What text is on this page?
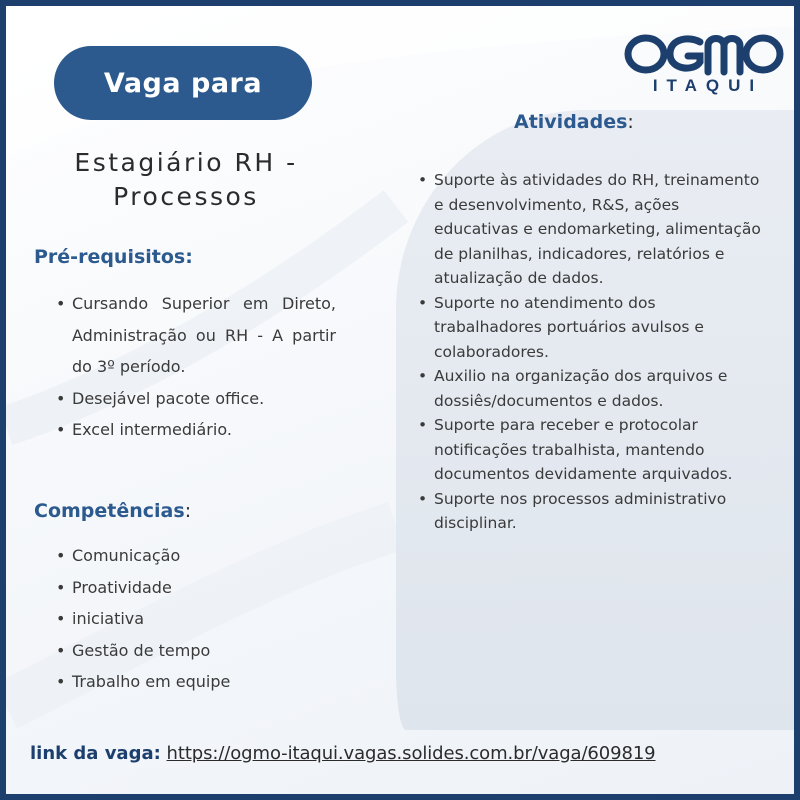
Vaga para	ITAQUI
Estagiário RH -
Processos
Pré-requisitos:
• Cursando Superior em Direto, Administração ou RH - A partir do 3º período.
• Desejável pacote office.
• Excel intermediário.
Competências:
• Comunicação
• Proatividade
• iniciativa
• Gestão de tempo
• Trabalho em equipe
Atividades:
• Suporte às atividades do RH, treinamento e desenvolvimento, R&S, ações educativas e endomarketing, alimentação de planilhas, indicadores, relatórios e atualização de dados.
• Suporte no atendimento dos trabalhadores portuários avulsos e colaboradores.
• Auxilio na organização dos arquivos e dossiês/documentos e dados.
• Suporte para receber e protocolar notificações trabalhista, mantendo documentos devidamente arquivados.
• Suporte nos processos administrativo disciplinar.
link da vaga: https://ogmo-itaqui.vagas.solides.com.br/vaga/609819
